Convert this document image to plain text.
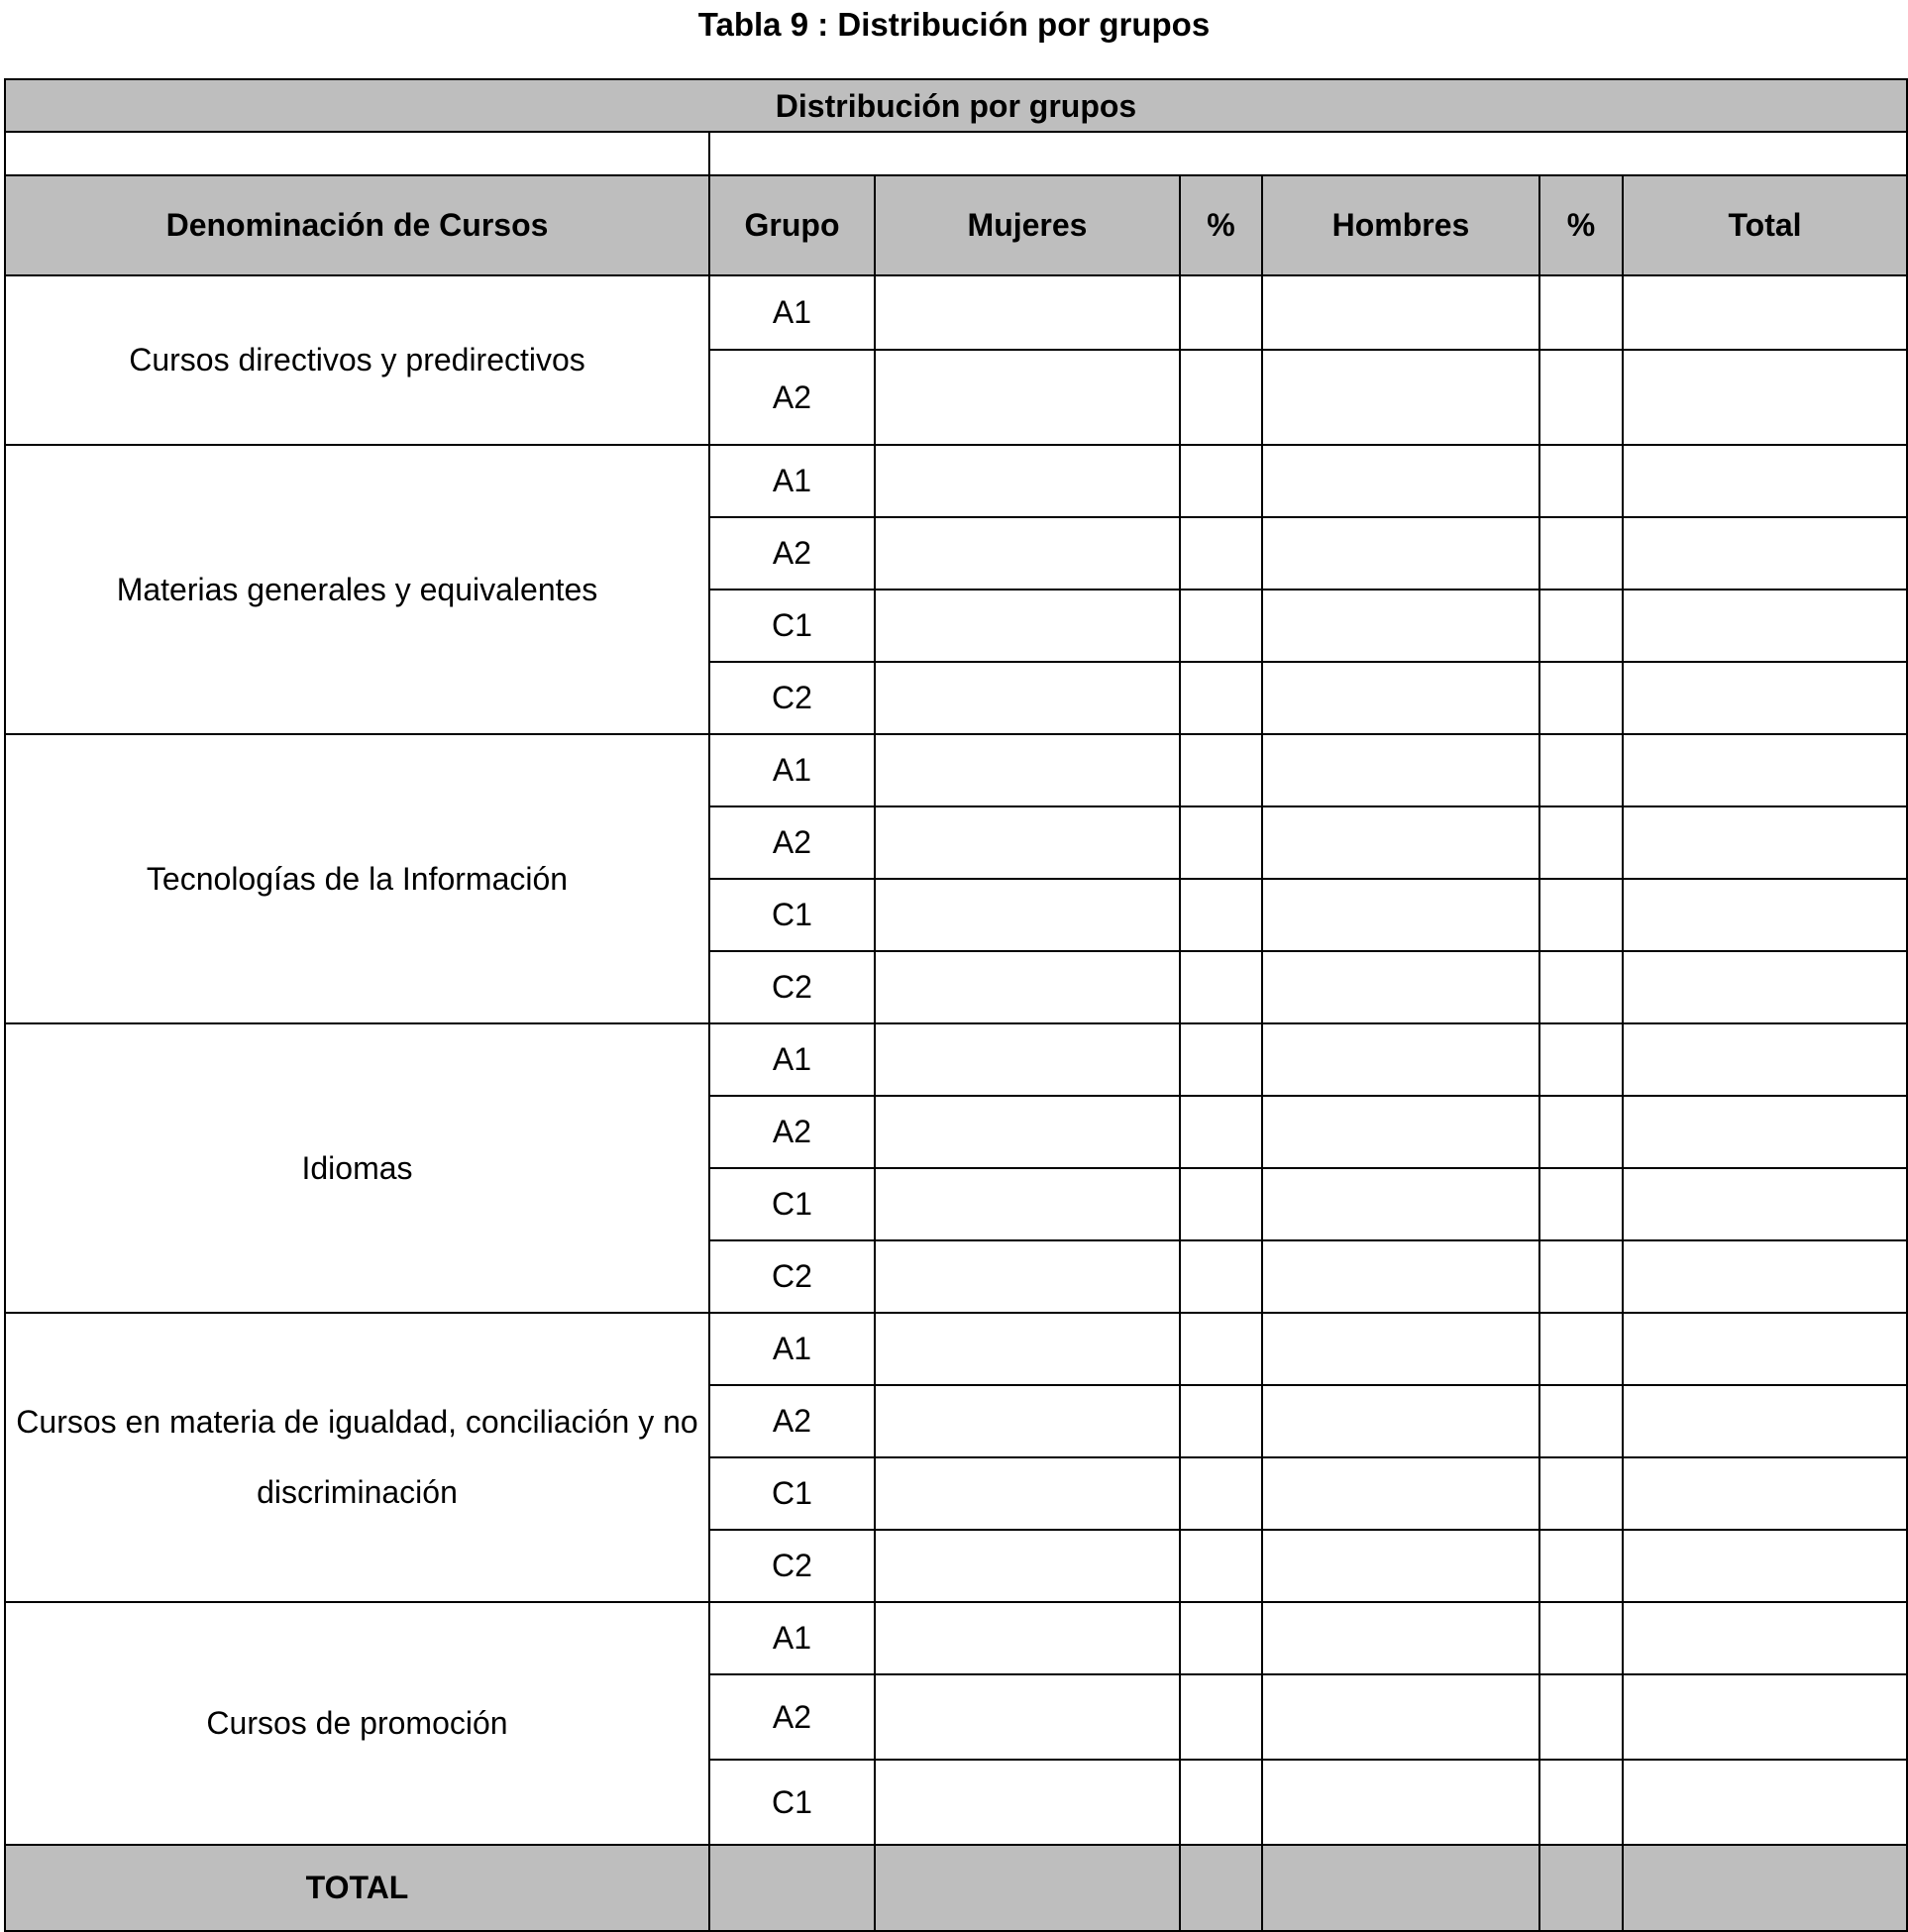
Tabla 9 : Distribución por grupos
Distribución por grupos						

Denominación de Cursos	Grupo	Mujeres	%	Hombres	%	Total
Cursos directivos y predirectivos	A1					
	A2					
Materias generales y equivalentes	A1					
	A2					
	C1					
	C2					
Tecnologías de la Información	A1					
	A2					
	C1					
	C2					
Idiomas	A1					
	A2					
	C1					
	C2					
Cursos en materia de igualdad, conciliación y no discriminación	A1					
	A2					
	C1					
	C2					
Cursos de promoción	A1					
	A2					
	C1					
TOTAL						
